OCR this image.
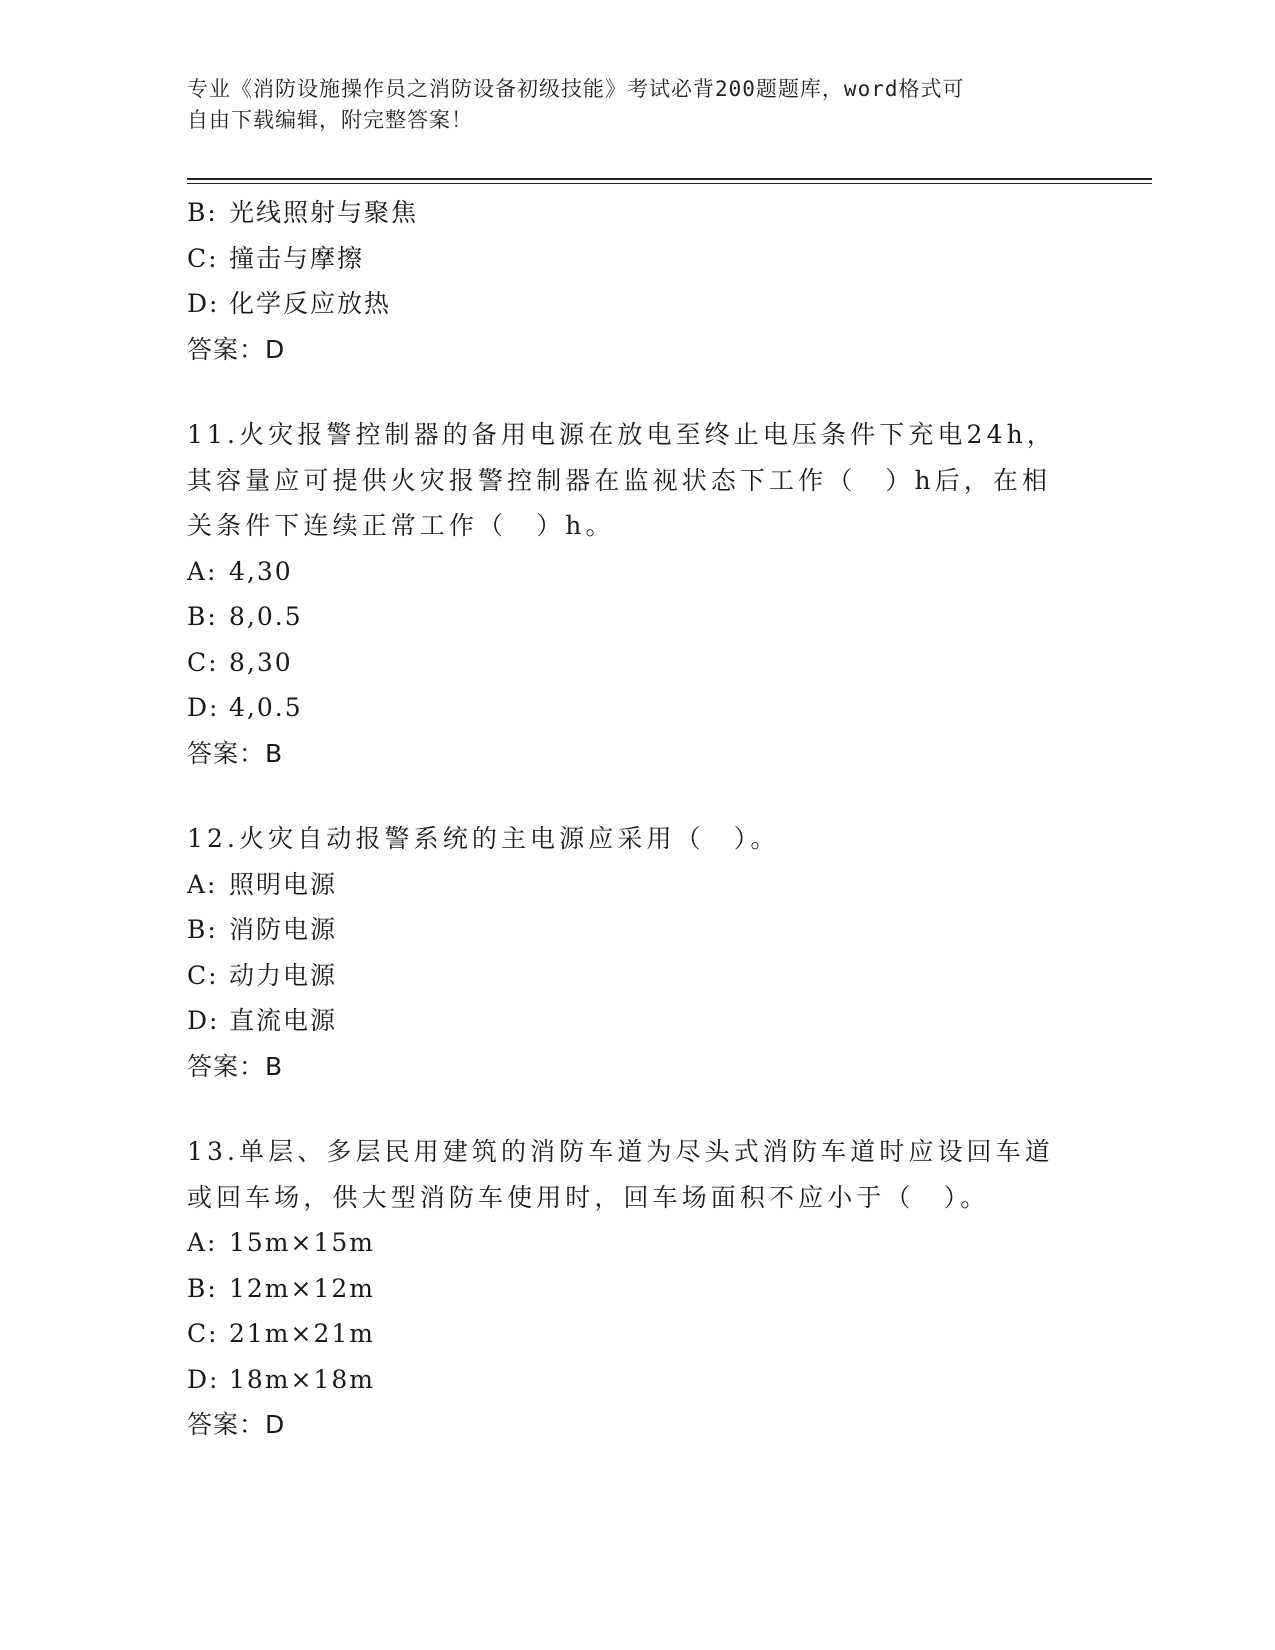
专业《消防设施操作员之消防设备初级技能》考试必背200题题库，word格式可
自由下载编辑，附完整答案！
B: 光线照射与聚焦
C: 撞击与摩擦
D: 化学反应放热
答案：D
11.火灾报警控制器的备用电源在放电至终止电压条件下充电24h，其容量应可提供火灾报警控制器在监视状态下工作（　）h后，在相关条件下连续正常工作（　）h。
A: 4,30
B: 8,0.5
C: 8,30
D: 4,0.5
答案：B
12.火灾自动报警系统的主电源应采用（　）。
A: 照明电源
B: 消防电源
C: 动力电源
D: 直流电源
答案：B
13.单层、多层民用建筑的消防车道为尽头式消防车道时应设回车道或回车场，供大型消防车使用时，回车场面积不应小于（　）。
A: 15m×15m
B: 12m×12m
C: 21m×21m
D: 18m×18m
答案：D
